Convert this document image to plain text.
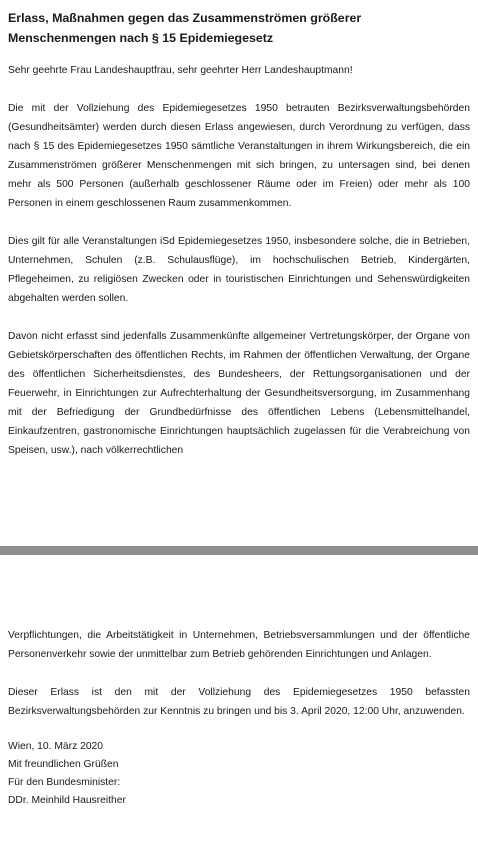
Erlass, Maßnahmen gegen das Zusammenströmen größerer Menschenmengen nach § 15 Epidemiegesetz

Sehr geehrte Frau Landeshauptfrau, sehr geehrter Herr Landeshauptmann!

Die mit der Vollziehung des Epidemiegesetzes 1950 betrauten Bezirksverwaltungsbehörden (Gesundheitsämter) werden durch diesen Erlass angewiesen, durch Verordnung zu verfügen, dass nach § 15 des Epidemiegesetzes 1950 sämtliche Veranstaltungen in ihrem Wirkungsbereich, die ein Zusammenströmen größerer Menschenmengen mit sich bringen, zu untersagen sind, bei denen mehr als 500 Personen (außerhalb geschlossener Räume oder im Freien) oder mehr als 100 Personen in einem geschlossenen Raum zusammenkommen.

Dies gilt für alle Veranstaltungen iSd Epidemiegesetzes 1950, insbesondere solche, die in Betrieben, Unternehmen, Schulen (z.B. Schulausflüge), im hochschulischen Betrieb, Kindergärten, Pflegeheimen, zu religiösen Zwecken oder in touristischen Einrichtungen und Sehenswürdigkeiten abgehalten werden sollen.

Davon nicht erfasst sind jedenfalls Zusammenkünfte allgemeiner Vertretungskörper, der Organe von Gebietskörperschaften des öffentlichen Rechts, im Rahmen der öffentlichen Verwaltung, der Organe des öffentlichen Sicherheitsdienstes, des Bundesheers, der Rettungsorganisationen und der Feuerwehr, in Einrichtungen zur Aufrechterhaltung der Gesundheitsversorgung, im Zusammenhang mit der Befriedigung der Grundbedürfnisse des öffentlichen Lebens (Lebensmittelhandel, Einkaufzentren, gastronomische Einrichtungen hauptsächlich zugelassen für die Verabreichung von Speisen, usw.), nach völkerrechtlichen

Verpflichtungen, die Arbeitstätigkeit in Unternehmen, Betriebsversammlungen und der öffentliche Personenverkehr sowie der unmittelbar zum Betrieb gehörenden Einrichtungen und Anlagen.

Dieser Erlass ist den mit der Vollziehung des Epidemiegesetzes 1950 befassten Bezirksverwaltungsbehörden zur Kenntnis zu bringen und bis 3. April 2020, 12:00 Uhr, anzuwenden.

Wien, 10. März 2020
Mit freundlichen Grüßen
Für den Bundesminister:
DDr. Meinhild Hausreither
